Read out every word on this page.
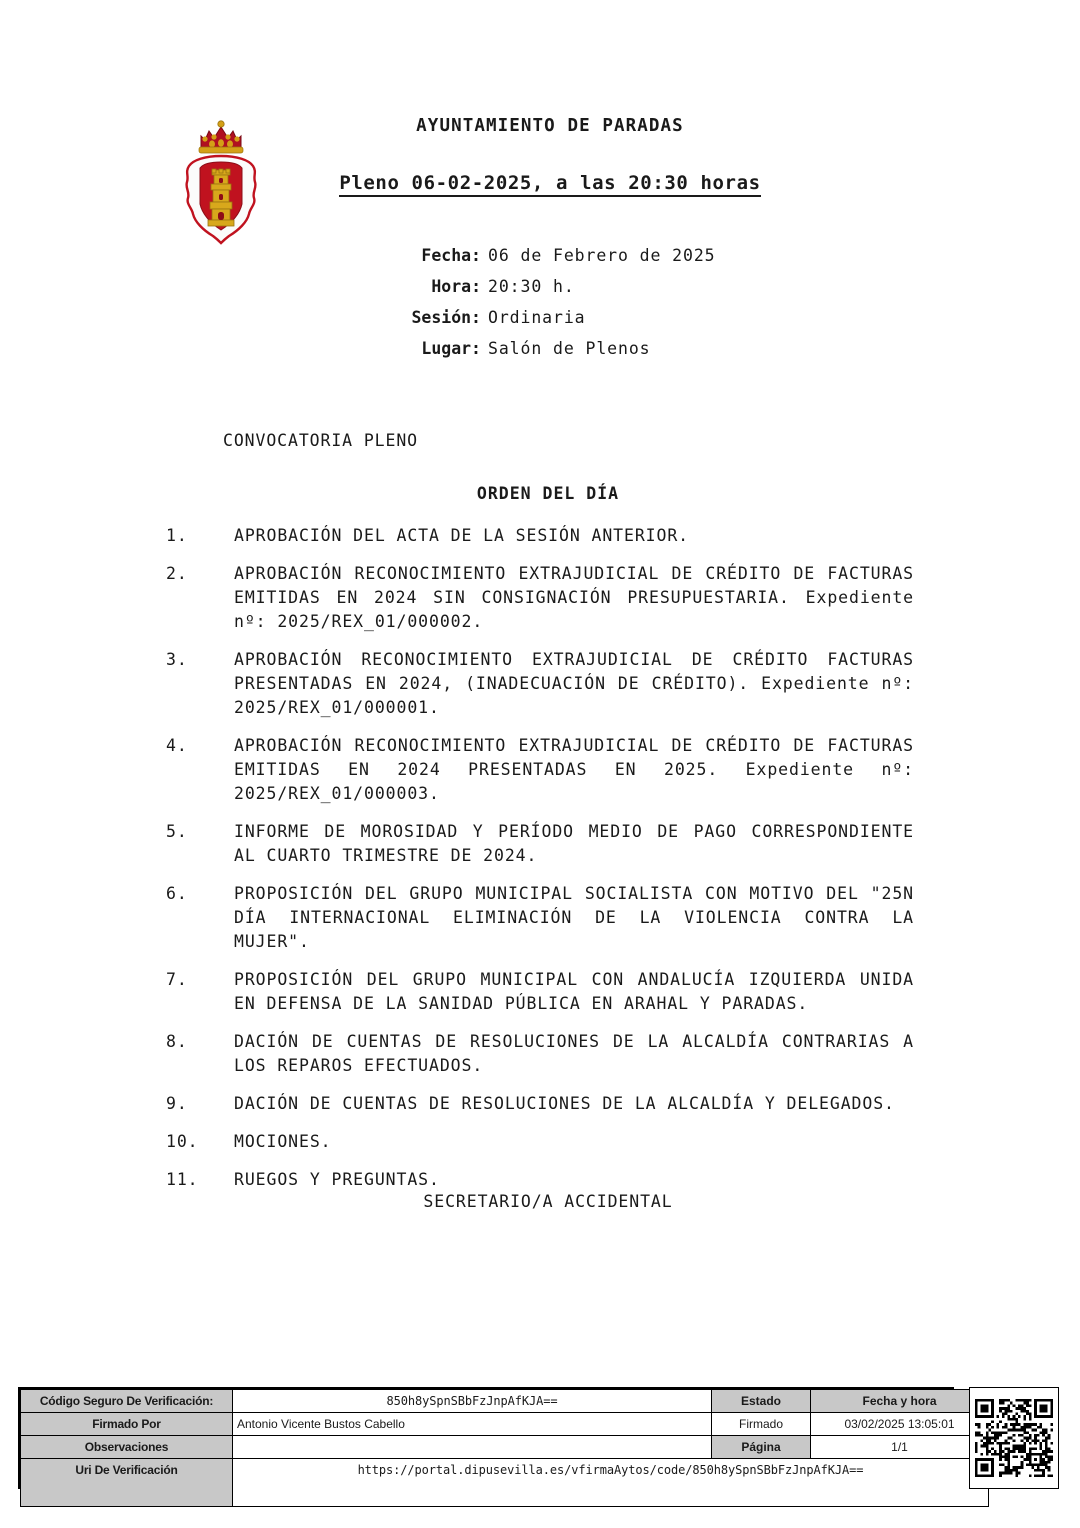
AYUNTAMIENTO DE PARADAS
Pleno 06-02-2025, a las 20:30 horas
Fecha: 06 de Febrero de 2025
Hora: 20:30 h.
Sesión: Ordinaria
Lugar: Salón de Plenos
CONVOCATORIA PLENO
ORDEN DEL DÍA
1.	APROBACIÓN DEL ACTA DE LA SESIÓN ANTERIOR.
2.	APROBACIÓN RECONOCIMIENTO EXTRAJUDICIAL DE CRÉDITO DE FACTURAS EMITIDAS EN 2024 SIN CONSIGNACIÓN PRESUPUESTARIA. Expediente nº: 2025/REX_01/000002.
3.	APROBACIÓN RECONOCIMIENTO EXTRAJUDICIAL DE CRÉDITO FACTURAS PRESENTADAS EN 2024, (INADECUACIÓN DE CRÉDITO). Expediente nº: 2025/REX_01/000001.
4.	APROBACIÓN RECONOCIMIENTO EXTRAJUDICIAL DE CRÉDITO DE FACTURAS EMITIDAS EN 2024 PRESENTADAS EN 2025. Expediente nº: 2025/REX_01/000003.
5.	INFORME DE MOROSIDAD Y PERÍODO MEDIO DE PAGO CORRESPONDIENTE AL CUARTO TRIMESTRE DE 2024.
6.	PROPOSICIÓN DEL GRUPO MUNICIPAL SOCIALISTA CON MOTIVO DEL "25N DÍA INTERNACIONAL ELIMINACIÓN DE LA VIOLENCIA CONTRA LA MUJER".
7.	PROPOSICIÓN DEL GRUPO MUNICIPAL CON ANDALUCÍA IZQUIERDA UNIDA EN DEFENSA DE LA SANIDAD PÚBLICA EN ARAHAL Y PARADAS.
8.	DACIÓN DE CUENTAS DE RESOLUCIONES DE LA ALCALDÍA CONTRARIAS A LOS REPAROS EFECTUADOS.
9.	DACIÓN DE CUENTAS DE RESOLUCIONES DE LA ALCALDÍA Y DELEGADOS.
10.	MOCIONES.
11.	RUEGOS Y PREGUNTAS.
SECRETARIO/A ACCIDENTAL
Código Seguro De Verificación:	850h8ySpnSBbFzJnpAfKJA==	Estado	Fecha y hora
Firmado Por	Antonio Vicente Bustos Cabello	Firmado	03/02/2025 13:05:01
Observaciones		Página	1/1
Uri De Verificación	https://portal.dipusevilla.es/vfirmaAytos/code/850h8ySpnSBbFzJnpAfKJA==		
